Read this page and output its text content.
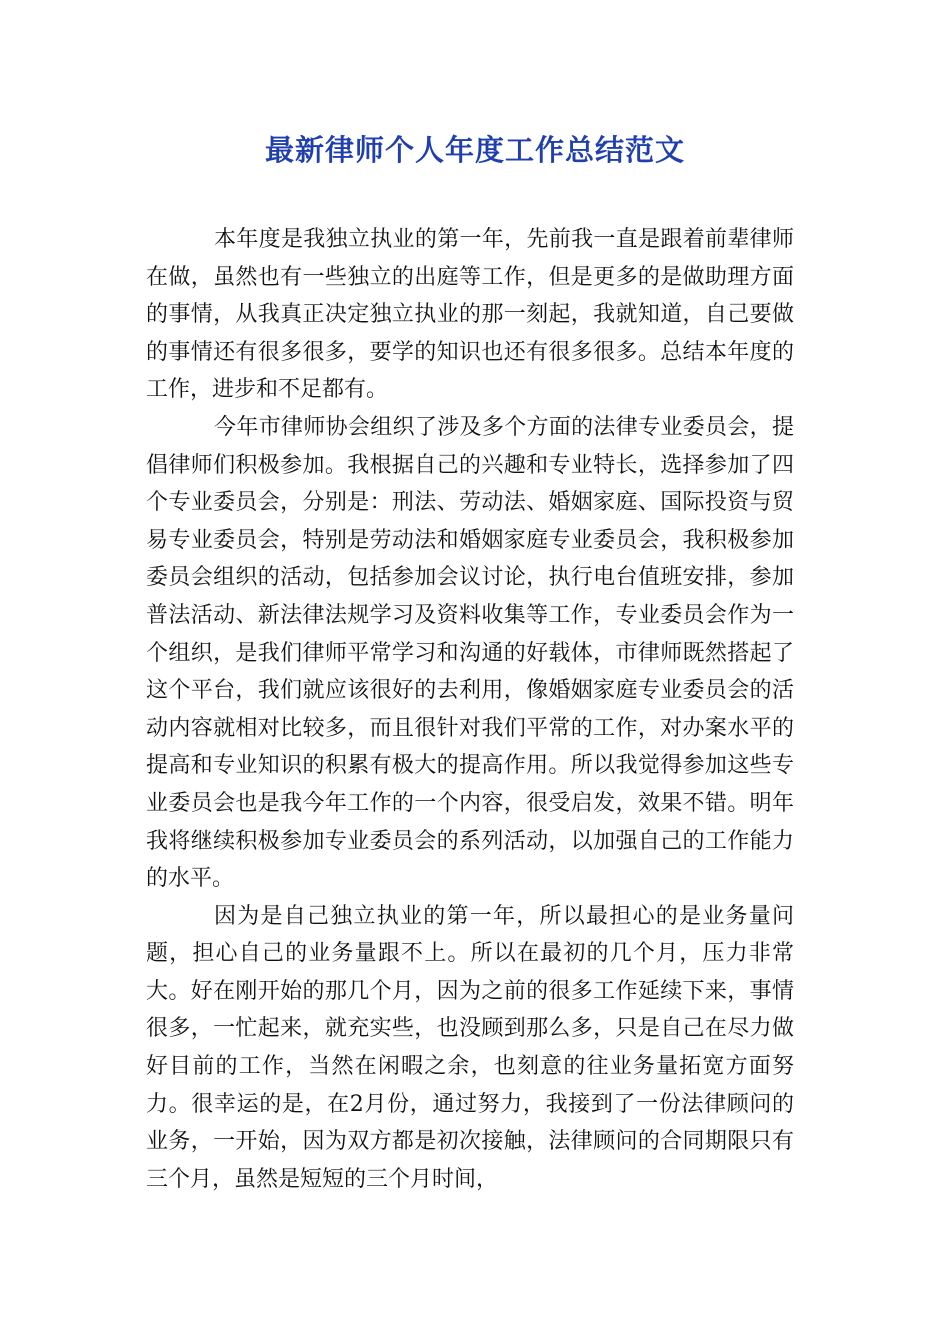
最新律师个人年度工作总结范文

本年度是我独立执业的第一年，先前我一直是跟着前辈律师在做，虽然也有一些独立的出庭等工作，但是更多的是做助理方面的事情，从我真正决定独立执业的那一刻起，我就知道，自己要做的事情还有很多很多，要学的知识也还有很多很多。总结本年度的工作，进步和不足都有。

今年市律师协会组织了涉及多个方面的法律专业委员会，提倡律师们积极参加。我根据自己的兴趣和专业特长，选择参加了四个专业委员会，分别是：刑法、劳动法、婚姻家庭、国际投资与贸易专业委员会，特别是劳动法和婚姻家庭专业委员会，我积极参加委员会组织的活动，包括参加会议讨论，执行电台值班安排，参加普法活动、新法律法规学习及资料收集等工作，专业委员会作为一个组织，是我们律师平常学习和沟通的好载体，市律师既然搭起了这个平台，我们就应该很好的去利用，像婚姻家庭专业委员会的活动内容就相对比较多，而且很针对我们平常的工作，对办案水平的提高和专业知识的积累有极大的提高作用。所以我觉得参加这些专业委员会也是我今年工作的一个内容，很受启发，效果不错。明年我将继续积极参加专业委员会的系列活动，以加强自己的工作能力的水平。

因为是自己独立执业的第一年，所以最担心的是业务量问题，担心自己的业务量跟不上。所以在最初的几个月，压力非常大。好在刚开始的那几个月，因为之前的很多工作延续下来，事情很多，一忙起来，就充实些，也没顾到那么多，只是自己在尽力做好目前的工作，当然在闲暇之余，也刻意的往业务量拓宽方面努力。很幸运的是，在2月份，通过努力，我接到了一份法律顾问的业务，一开始，因为双方都是初次接触，法律顾问的合同期限只有三个月，虽然是短短的三个月时间，
